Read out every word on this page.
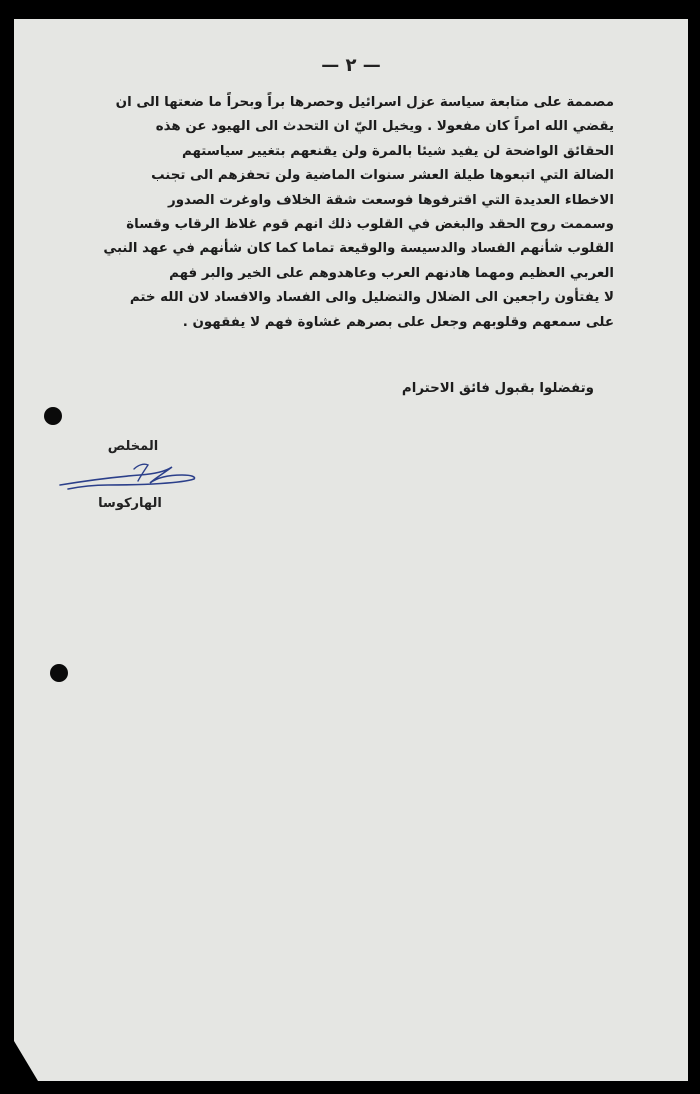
— ٢ —
مصممة على متابعة سياسة عزل اسرائيل وحصرها براً وبحراً ما ضعتها الى ان
يقضي الله امراً كان مفعولا . ويخيل اليّ ان التحدث الى الهيود عن هذه
الحقائق الواضحة لن يفيد شيئا بالمرة ولن يقنعهم بتغيير سياستهم
الضالة التي اتبعوها طيلة العشر سنوات الماضية ولن تحفزهم الى تجنب
الاخطاء العديدة التي اقترفوها فوسعت شقة الخلاف واوغرت الصدور
وسممت روح الحقد والبغض في القلوب ذلك انهم قوم غلاظ الرقاب وقساة
القلوب شأنهم الفساد والدسيسة والوقيعة تماما كما كان شأنهم في عهد النبي
العربي العظيم ومهما هادنهم العرب وعاهدوهم على الخير والبر فهم
لا يفتأون راجعين الى الضلال والتضليل والى الفساد والافساد لان الله ختم
على سمعهم وقلوبهم وجعل على بصرهم غشاوة فهم لا يفقهون .
وتفضلوا بقبول فائق الاحترام
المخلص
الهاركوسا
